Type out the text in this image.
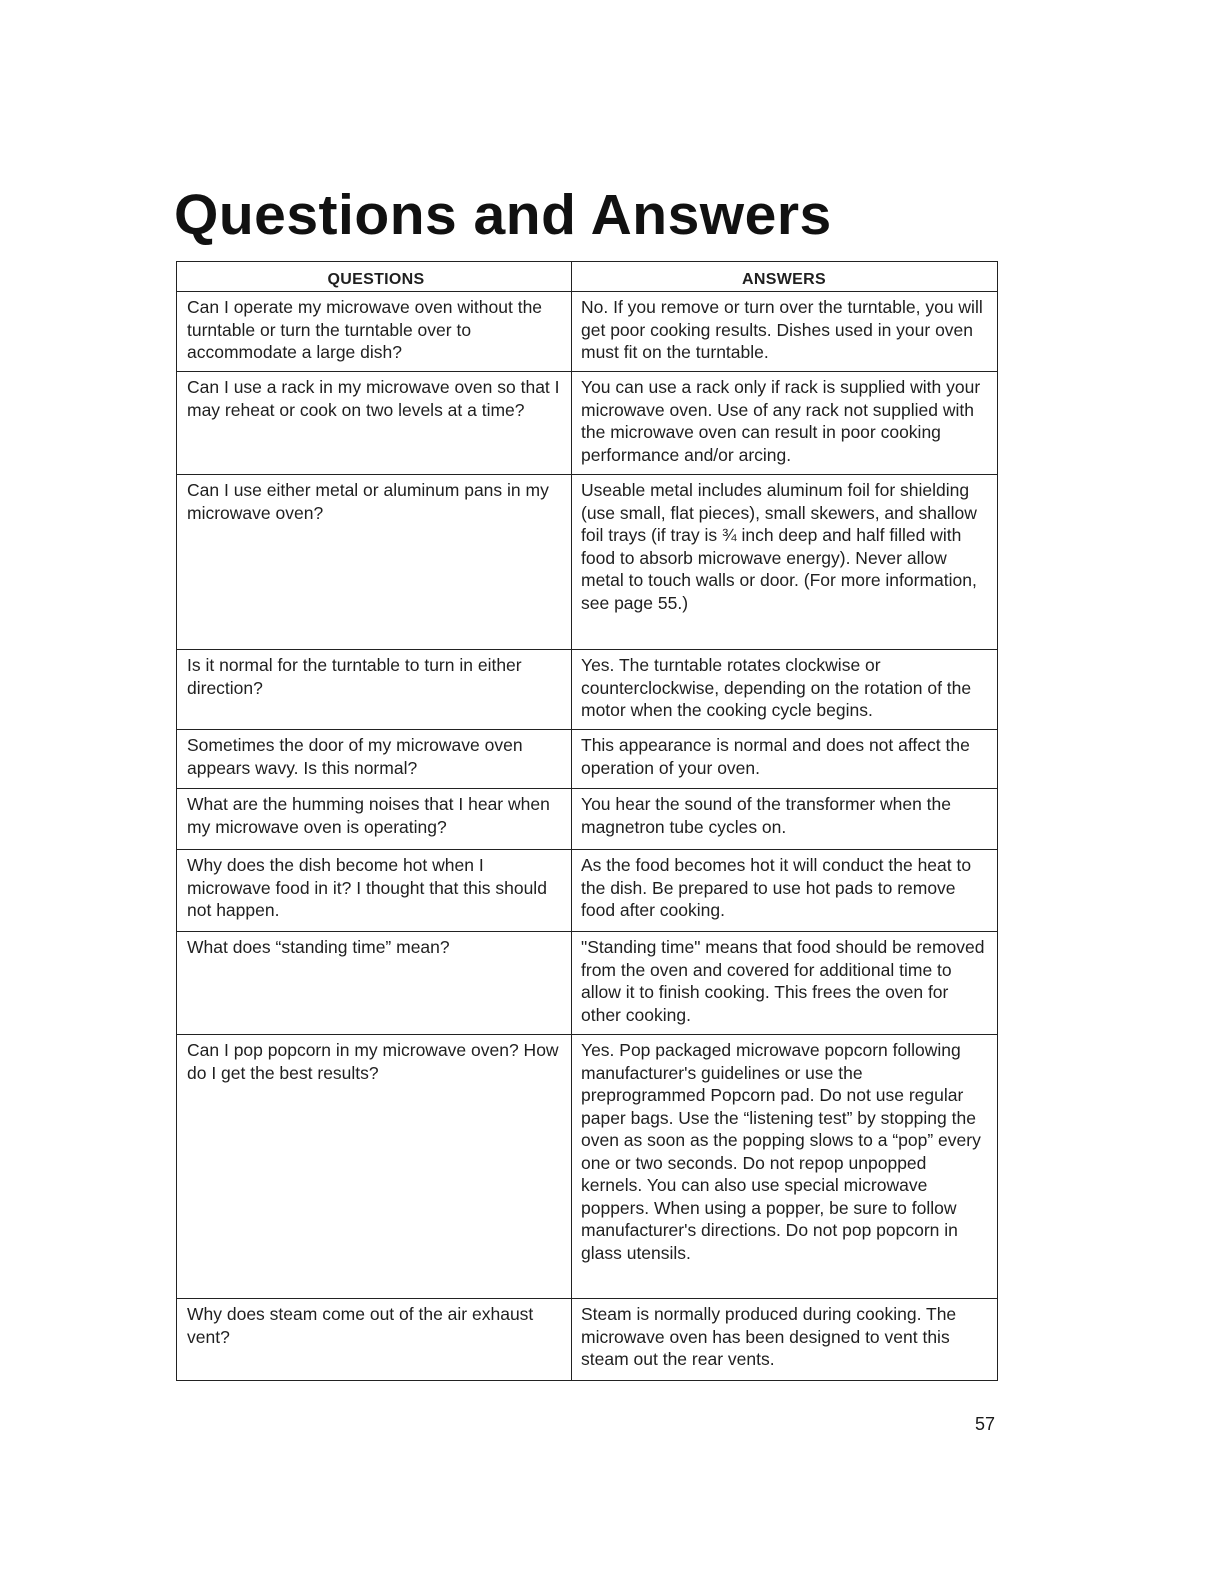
Questions and Answers
QUESTIONS	ANSWERS
Can I operate my microwave oven without the turntable or turn the turntable over to accommodate a large dish?
No. If you remove or turn over the turntable, you will get poor cooking results. Dishes used in your oven must fit on the turntable.
Can I use a rack in my microwave oven so that I may reheat or cook on two levels at a time?
You can use a rack only if rack is supplied with your microwave oven. Use of any rack not supplied with the microwave oven can result in poor cooking performance and/or arcing.
Can I use either metal or aluminum pans in my microwave oven?
Useable metal includes aluminum foil for shielding (use small, flat pieces), small skewers, and shallow foil trays (if tray is ¾ inch deep and half filled with food to absorb microwave energy). Never allow metal to touch walls or door. (For more information, see page 55.)
Is it normal for the turntable to turn in either direction?
Yes. The turntable rotates clockwise or counterclockwise, depending on the rotation of the motor when the cooking cycle begins.
Sometimes the door of my microwave oven appears wavy. Is this normal?
This appearance is normal and does not affect the operation of your oven.
What are the humming noises that I hear when my microwave oven is operating?
You hear the sound of the transformer when the magnetron tube cycles on.
Why does the dish become hot when I microwave food in it? I thought that this should not happen.
As the food becomes hot it will conduct the heat to the dish. Be prepared to use hot pads to remove food after cooking.
What does “standing time” mean?	"Standing time" means that food should be removed from the oven and covered for additional time to allow it to finish cooking. This frees the oven for other cooking.
Can I pop popcorn in my microwave oven? How do I get the best results?
Yes. Pop packaged microwave popcorn following manufacturer's guidelines or use the preprogrammed Popcorn pad. Do not use regular paper bags. Use the “listening test” by stopping the oven as soon as the popping slows to a “pop” every one or two seconds. Do not repop unpopped kernels. You can also use special microwave poppers. When using a popper, be sure to follow manufacturer's directions. Do not pop popcorn in glass utensils.
Why does steam come out of the air exhaust vent?
Steam is normally produced during cooking. The microwave oven has been designed to vent this steam out the rear vents.
57
